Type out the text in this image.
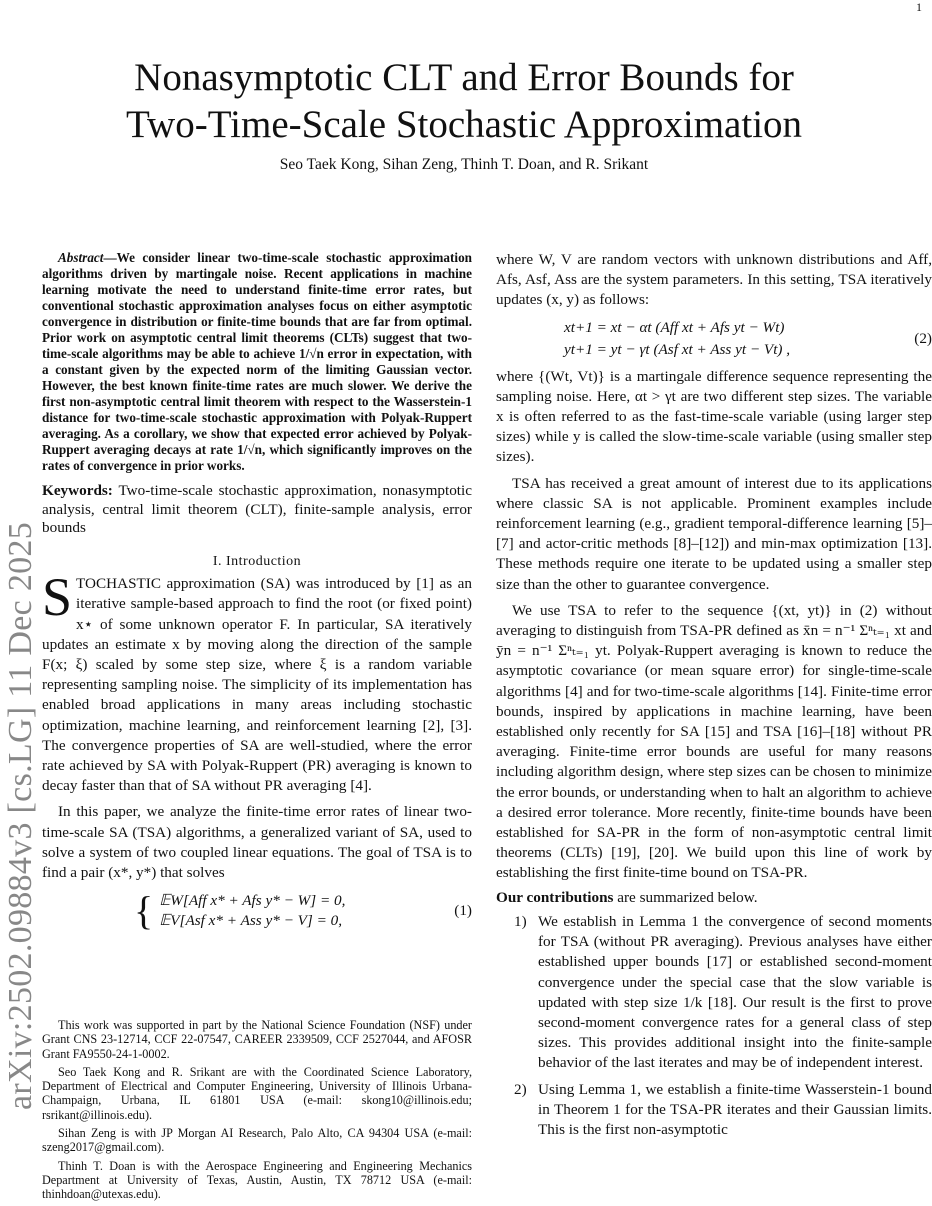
1
arXiv:2502.09884v3 [cs.LG] 11 Dec 2025
Nonasymptotic CLT and Error Bounds for
Two-Time-Scale Stochastic Approximation
Seo Taek Kong, Sihan Zeng, Thinh T. Doan, and R. Srikant

Abstract—We consider linear two-time-scale stochastic approximation algorithms driven by martingale noise. Recent applications in machine learning motivate the need to understand finite-time error rates, but conventional stochastic approximation analyses focus on either asymptotic convergence in distribution or finite-time bounds that are far from optimal. Prior work on asymptotic central limit theorems (CLTs) suggest that two-time-scale algorithms may be able to achieve 1/√n error in expectation, with a constant given by the expected norm of the limiting Gaussian vector. However, the best known finite-time rates are much slower. We derive the first non-asymptotic central limit theorem with respect to the Wasserstein-1 distance for two-time-scale stochastic approximation with Polyak-Ruppert averaging. As a corollary, we show that expected error achieved by Polyak-Ruppert averaging decays at rate 1/√n, which significantly improves on the rates of convergence in prior works.

Keywords: Two-time-scale stochastic approximation, nonasymptotic analysis, central limit theorem (CLT), finite-sample analysis, error bounds

I. Introduction

STOCHASTIC approximation (SA) was introduced by [1] as an iterative sample-based approach to find the root (or fixed point) x⋆ of some unknown operator F. In particular, SA iteratively updates an estimate x by moving along the direction of the sample F(x; ξ) scaled by some step size, where ξ is a random variable representing sampling noise. The simplicity of its implementation has enabled broad applications in many areas including stochastic optimization, machine learning, and reinforcement learning [2], [3]. The convergence properties of SA are well-studied, where the error rate achieved by SA with Polyak-Ruppert (PR) averaging is known to decay faster than that of SA without PR averaging [4].

In this paper, we analyze the finite-time error rates of linear two-time-scale SA (TSA) algorithms, a generalized variant of SA, used to solve a system of two coupled linear equations. The goal of TSA is to find a pair (x*, y*) that solves

{ 𝔼W[Aff x* + Afs y* − W] = 0,
𝔼V[Asf x* + Ass y* − V] = 0,
(1)

This work was supported in part by the National Science Foundation (NSF) under Grant CNS 23-12714, CCF 22-07547, CAREER 2339509, CCF 2527044, and AFOSR Grant FA9550-24-1-0002.

Seo Taek Kong and R. Srikant are with the Coordinated Science Laboratory, Department of Electrical and Computer Engineering, University of Illinois Urbana-Champaign, Urbana, IL 61801 USA (e-mail: skong10@illinois.edu; rsrikant@illinois.edu).

Sihan Zeng is with JP Morgan AI Research, Palo Alto, CA 94304 USA (e-mail: szeng2017@gmail.com).

Thinh T. Doan is with the Aerospace Engineering and Engineering Mechanics Department at University of Texas, Austin, Austin, TX 78712 USA (e-mail: thinhdoan@utexas.edu).

where W, V are random vectors with unknown distributions and Aff, Afs, Asf, Ass are the system parameters. In this setting, TSA iteratively updates (x, y) as follows:

xt+1 = xt − αt (Aff xt + Afs yt − Wt)
yt+1 = yt − γt (Asf xt + Ass yt − Vt) ,
(2)

where {(Wt, Vt)} is a martingale difference sequence representing the sampling noise. Here, αt > γt are two different step sizes. The variable x is often referred to as the fast-time-scale variable (using larger step sizes) while y is called the slow-time-scale variable (using smaller step sizes).

TSA has received a great amount of interest due to its applications where classic SA is not applicable. Prominent examples include reinforcement learning (e.g., gradient temporal-difference learning [5]–[7] and actor-critic methods [8]–[12]) and min-max optimization [13]. These methods require one iterate to be updated using a smaller step size than the other to guarantee convergence.

We use TSA to refer to the sequence {(xt, yt)} in (2) without averaging to distinguish from TSA-PR defined as x̄n = n⁻¹ Σⁿₜ₌₁ xt and ȳn = n⁻¹ Σⁿₜ₌₁ yt. Polyak-Ruppert averaging is known to reduce the asymptotic covariance (or mean square error) for single-time-scale algorithms [4] and for two-time-scale algorithms [14]. Finite-time error bounds, inspired by applications in machine learning, have been established only recently for SA [15] and TSA [16]–[18] without PR averaging. Finite-time error bounds are useful for many reasons including algorithm design, where step sizes can be chosen to minimize the error bounds, or understanding when to halt an algorithm to achieve a desired error tolerance. More recently, finite-time bounds have been established for SA-PR in the form of non-asymptotic central limit theorems (CLTs) [19], [20]. We build upon this line of work by establishing the first finite-time bound on TSA-PR.

Our contributions are summarized below.

1) We establish in Lemma 1 the convergence of second moments for TSA (without PR averaging). Previous analyses have either established upper bounds [17] or established second-moment convergence under the special case that the slow variable is updated with step size 1/k [18]. Our result is the first to prove second-moment convergence rates for a general class of step sizes. This provides additional insight into the finite-sample behavior of the last iterates and may be of independent interest.
2) Using Lemma 1, we establish a finite-time Wasserstein-1 bound in Theorem 1 for the TSA-PR iterates and their Gaussian limits. This is the first non-asymptotic
